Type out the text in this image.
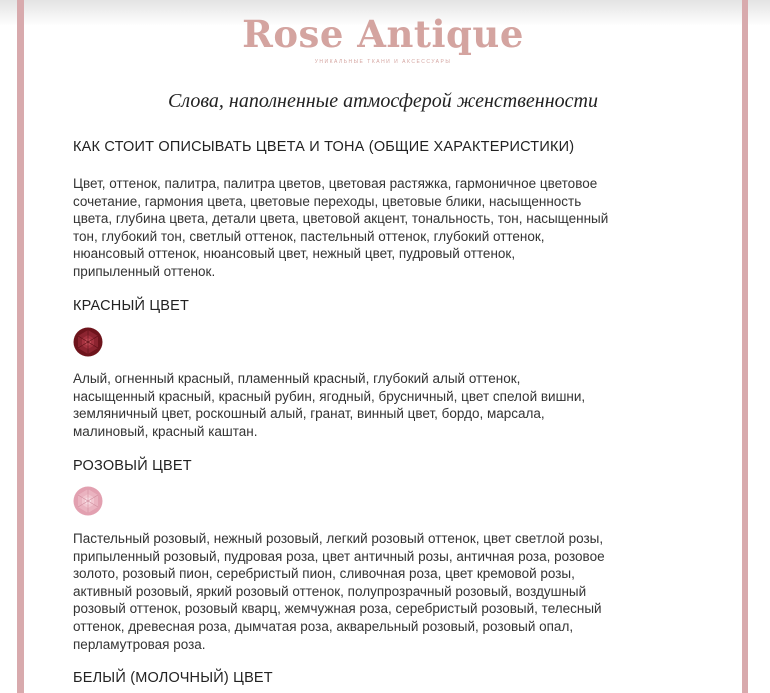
Rose Antique
УНИКАЛЬНЫЕ ТКАНИ И АКСЕССУАРЫ
Слова, наполненные атмосферой женственности
КАК СТОИТ ОПИСЫВАТЬ ЦВЕТА И ТОНА (ОБЩИЕ ХАРАКТЕРИСТИКИ)
Цвет, оттенок, палитра, палитра цветов, цветовая растяжка, гармоничное цветовое
сочетание, гармония цвета, цветовые переходы, цветовые блики, насыщенность
цвета, глубина цвета, детали цвета, цветовой акцент, тональность, тон, насыщенный
тон, глубокий тон, светлый оттенок, пастельный оттенок, глубокий оттенок,
нюансовый оттенок, нюансовый цвет, нежный цвет, пудровый оттенок,
припыленный оттенок.
КРАСНЫЙ ЦВЕТ
Алый, огненный красный, пламенный красный, глубокий алый оттенок,
насыщенный красный, красный рубин, ягодный, брусничный, цвет спелой вишни,
земляничный цвет, роскошный алый, гранат, винный цвет, бордо, марсала,
малиновый, красный каштан.
РОЗОВЫЙ ЦВЕТ
Пастельный розовый, нежный розовый, легкий розовый оттенок, цвет светлой розы,
припыленный розовый, пудровая роза, цвет античный розы, античная роза, розовое
золото, розовый пион, серебристый пион, сливочная роза, цвет кремовой розы,
активный розовый, яркий розовый оттенок, полупрозрачный розовый, воздушный
розовый оттенок, розовый кварц, жемчужная роза, серебристый розовый, телесный
оттенок, древесная роза, дымчатая роза, акварельный розовый, розовый опал,
перламутровая роза.
БЕЛЫЙ (МОЛОЧНЫЙ) ЦВЕТ
